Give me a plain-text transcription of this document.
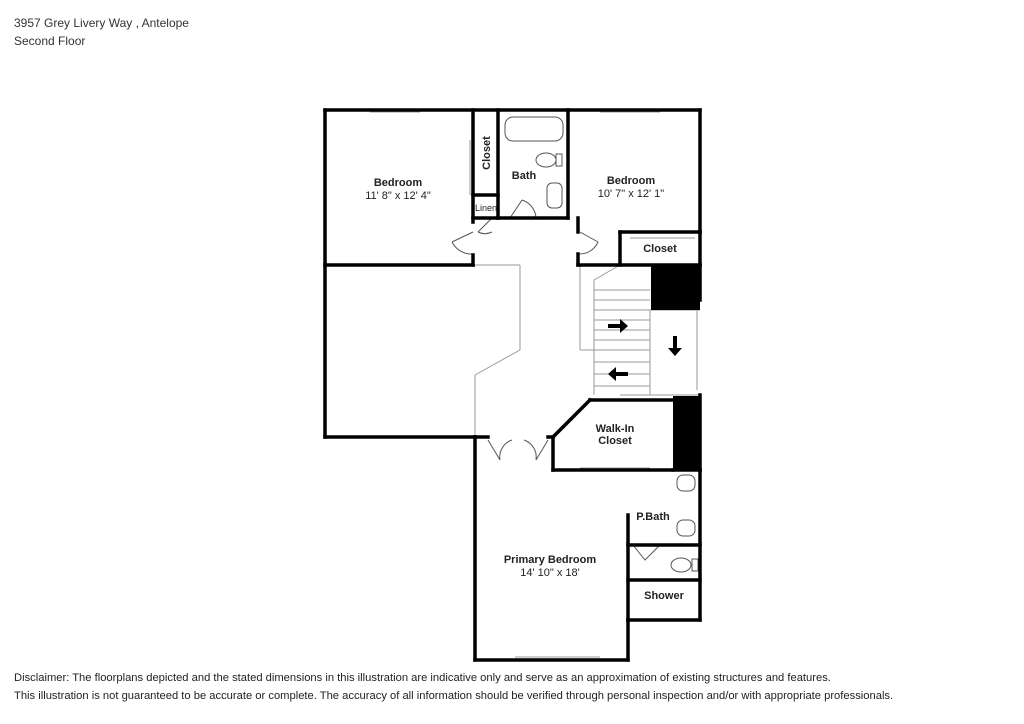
3957 Grey Livery Way , Antelope
Second Floor
Bedroom
11' 8" x 12' 4"
Bedroom
10' 7" x 12' 1"
Closet
Bath
Linen
Closet
Walk-In
Closet
P.Bath
Primary Bedroom
14' 10" x 18'
Shower
Disclaimer: The floorplans depicted and the stated dimensions in this illustration are indicative only and serve as an approximation of existing structures and features.
This illustration is not guaranteed to be accurate or complete. The accuracy of all information should be verified through personal inspection and/or with appropriate professionals.
